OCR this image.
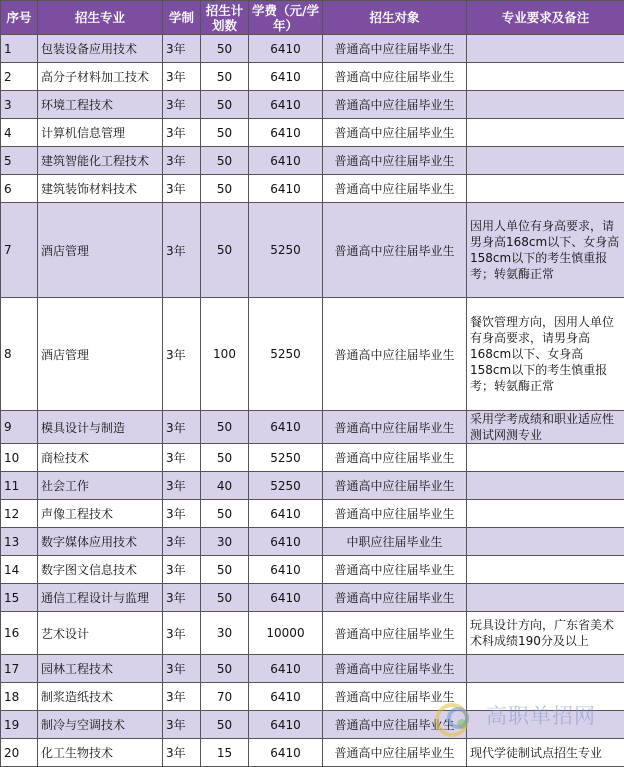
序号	招生专业	学制	招生计划数	学费（元/学年）	招生对象	专业要求及备注
1	包装设备应用技术	3年	50	6410	普通高中应往届毕业生	
2	高分子材料加工技术	3年	50	6410	普通高中应往届毕业生	
3	环境工程技术	3年	50	6410	普通高中应往届毕业生	
4	计算机信息管理	3年	50	6410	普通高中应往届毕业生	
5	建筑智能化工程技术	3年	50	6410	普通高中应往届毕业生	
6	建筑装饰材料技术	3年	50	6410	普通高中应往届毕业生	
7	酒店管理	3年	50	5250	普通高中应往届毕业生	因用人单位有身高要求，请男身高168cm以下、女身高158cm以下的考生慎重报考；转氨酶正常
8	酒店管理	3年	100	5250	普通高中应往届毕业生	餐饮管理方向，因用人单位有身高要求，请男身高168cm以下、女身高158cm以下的考生慎重报考；转氨酶正常
9	模具设计与制造	3年	50	6410	普通高中应往届毕业生	采用学考成绩和职业适应性测试网测专业
10	商检技术	3年	50	5250	普通高中应往届毕业生	
11	社会工作	3年	40	5250	普通高中应往届毕业生	
12	声像工程技术	3年	50	6410	普通高中应往届毕业生	
13	数字媒体应用技术	3年	30	6410	中职应往届毕业生	
14	数字图文信息技术	3年	50	6410	普通高中应往届毕业生	
15	通信工程设计与监理	3年	50	6410	普通高中应往届毕业生	
16	艺术设计	3年	30	10000	普通高中应往届毕业生	玩具设计方向，广东省美术术科成绩190分及以上
17	园林工程技术	3年	50	6410	普通高中应往届毕业生	
18	制浆造纸技术	3年	70	6410	普通高中应往届毕业生	
19	制冷与空调技术	3年	50	6410	普通高中应往届毕业生	
20	化工生物技术	3年	15	6410	普通高中应往届毕业生	现代学徒制试点招生专业
高职单招网
